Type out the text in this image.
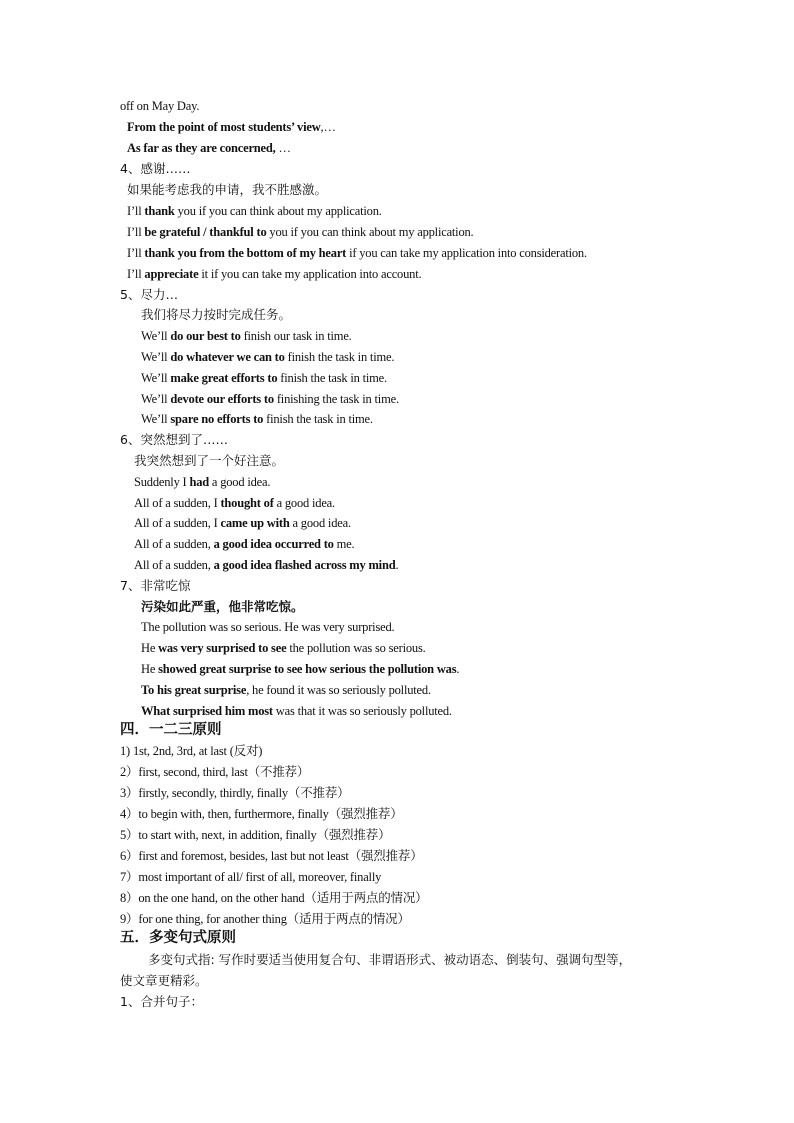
off on May Day.
From the point of most students’ view,…
As far as they are concerned, …
4、感谢……
如果能考虑我的申请，我不胜感激。
I’ll thank you if you can think about my application.
I’ll be grateful / thankful to you if you can think about my application.
I’ll thank you from the bottom of my heart if you can take my application into consideration.
I’ll appreciate it if you can take my application into account.
5、尽力…
我们将尽力按时完成任务。
We’ll do our best to finish our task in time.
We’ll do whatever we can to finish the task in time.
We’ll make great efforts to finish the task in time.
We’ll devote our efforts to finishing the task in time.
We’ll spare no efforts to finish the task in time.
6、突然想到了……
我突然想到了一个好注意。
Suddenly I had a good idea.
All of a sudden, I thought of a good idea.
All of a sudden, I came up with a good idea.
All of a sudden, a good idea occurred to me.
All of a sudden, a good idea flashed across my mind.
7、非常吃惊
污染如此严重，他非常吃惊。
The pollution was so serious. He was very surprised.
He was very surprised to see the pollution was so serious.
He showed great surprise to see how serious the pollution was.
To his great surprise, he found it was so seriously polluted.
What surprised him most was that it was so seriously polluted.
四．一二三原则
1) 1st, 2nd, 3rd, at last (反对)
2）first, second, third, last（不推荐）
3）firstly, secondly, thirdly, finally（不推荐）
4）to begin with, then, furthermore, finally（强烈推荐）
5）to start with, next, in addition, finally（强烈推荐）
6）first and foremost, besides, last but not least（强烈推荐）
7）most important of all/ first of all, moreover, finally
8）on the one hand, on the other hand（适用于两点的情况）
9）for one thing, for another thing（适用于两点的情况）
五．多变句式原则
多变句式指: 写作时要适当使用复合句、非谓语形式、被动语态、倒装句、强调句型等，
使文章更精彩。
1、合并句子：
